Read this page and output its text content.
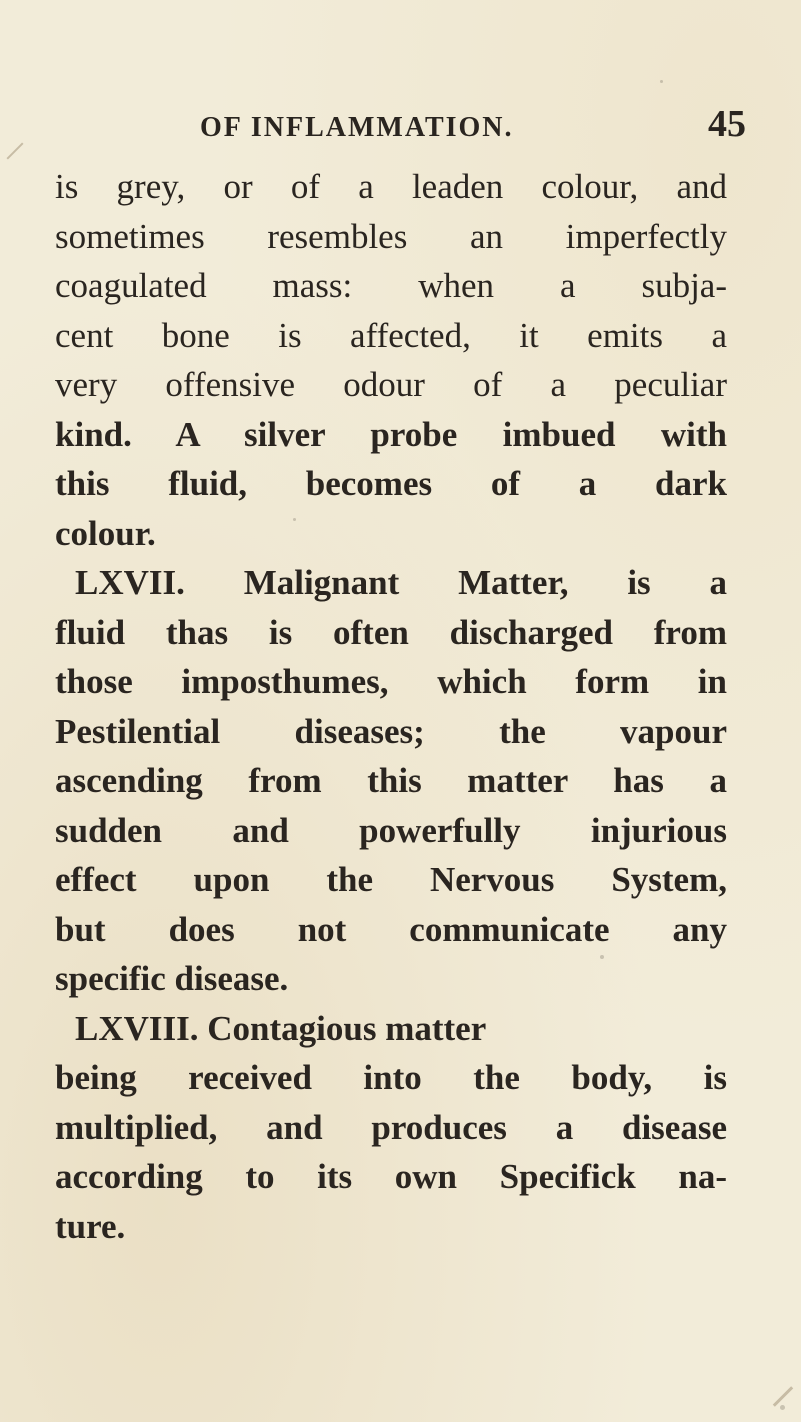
OF INFLAMMATION.	45
is grey, or of a leaden colour, and
sometimes resembles an imperfectly
coagulated mass: when a subja-
cent bone is affected, it emits a
very offensive odour of a peculiar
kind. A silver probe imbued with
this fluid, becomes of a dark
colour.
LXVII. Malignant Matter, is a
fluid thas is often discharged from
those imposthumes, which form in
Pestilential diseases; the vapour
ascending from this matter has a
sudden and powerfully injurious
effect upon the Nervous System,
but does not communicate any
specific disease.
LXVIII. Contagious matter
being received into the body, is
multiplied, and produces a disease
according to its own Specifick na-
ture.
